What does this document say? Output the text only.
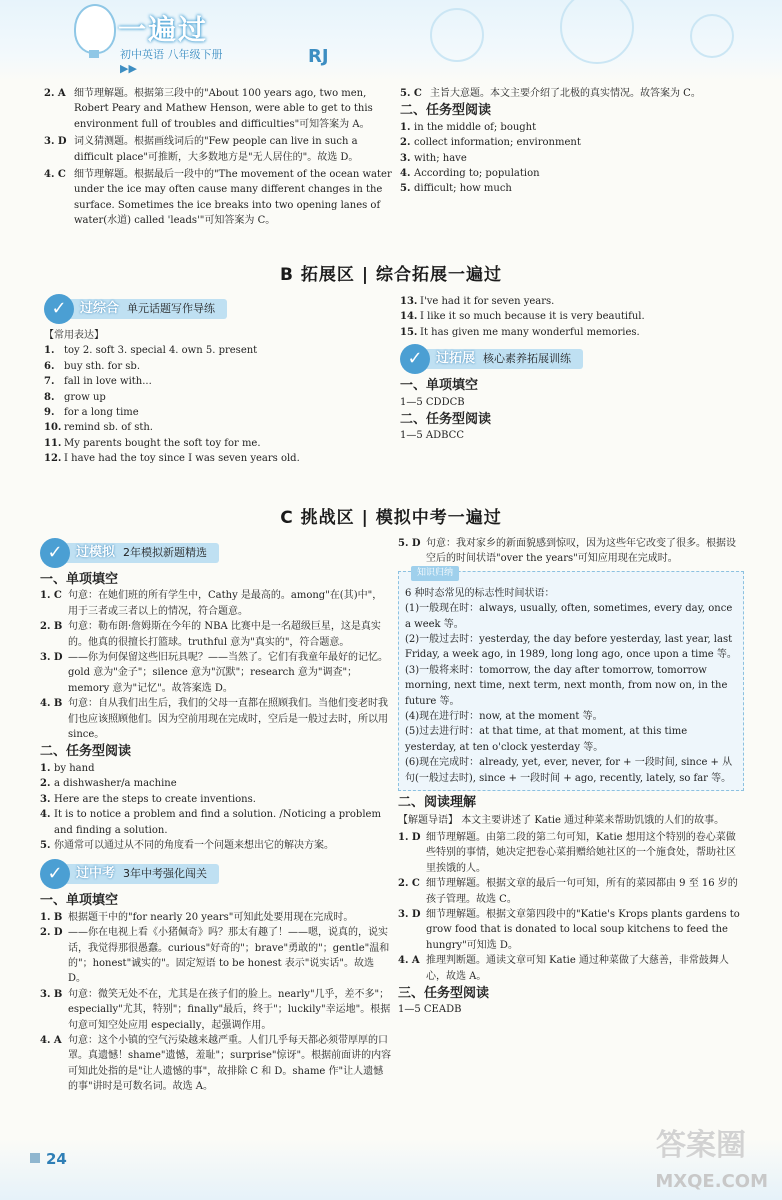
一遍过
初中英语 八年级下册 ▶▶
RJ
2. A 细节理解题。根据第三段中的"About 100 years ago, two men, Robert Peary and Mathew Henson, were able to get to this environment full of troubles and difficulties"可知答案为 A。
3. D 词义猜测题。根据画线词后的"Few people can live in such a difficult place"可推断，大多数地方是"无人居住的"。故选 D。
4. C 细节理解题。根据最后一段中的"The movement of the ocean water under the ice may often cause many different changes in the surface. Sometimes the ice breaks into two opening lanes of water(水道) called 'leads'"可知答案为 C。
5. C 主旨大意题。本文主要介绍了北极的真实情况。故答案为 C。
二、任务型阅读
1. in the middle of; bought
2. collect information; environment
3. with; have
4. According to; population
5. difficult; how much
B 拓展区 | 综合拓展一遍过
过综合 单元话题写作导练
✓
【常用表达】
1. toy 2. soft 3. special 4. own 5. present
6. buy sth. for sb.
7. fall in love with...
8. grow up
9. for a long time
10. remind sb. of sth.
11. My parents bought the soft toy for me.
12. I have had the toy since I was seven years old.
13. I've had it for seven years.
14. I like it so much because it is very beautiful.
15. It has given me many wonderful memories.
过拓展 核心素养拓展训练
✓
一、单项填空
1—5 CDDCB
二、任务型阅读
1—5 ADBCC
C 挑战区 | 模拟中考一遍过
过模拟 2年模拟新题精选
✓
一、单项填空
1. C 句意：在她们班的所有学生中，Cathy 是最高的。among"在(其)中"，用于三者或三者以上的情况，符合题意。
2. B 句意：勒布朗·詹姆斯在今年的 NBA 比赛中是一名超级巨星，这是真实的。他真的很擅长打篮球。truthful 意为"真实的"，符合题意。
3. D ——你为何保留这些旧玩具呢？——当然了。它们有我童年最好的记忆。gold 意为"金子"；silence 意为"沉默"；research 意为"调查"；memory 意为"记忆"。故答案选 D。
4. B 句意：自从我们出生后，我们的父母一直都在照顾我们。当他们变老时我们也应该照顾他们。因为空前用现在完成时，空后是一般过去时，所以用 since。
二、任务型阅读
1. by hand
2. a dishwasher/a machine
3. Here are the steps to create inventions.
4. It is to notice a problem and find a solution. /Noticing a problem and finding a solution.
5. 你通常可以通过从不同的角度看一个问题来想出它的解决方案。
过中考 3年中考强化闯关
✓
一、单项填空
1. B 根据题干中的"for nearly 20 years"可知此处要用现在完成时。
2. D ——你在电视上看《小猪佩奇》吗？那太有趣了！——嗯，说真的，说实话，我觉得那很愚蠢。curious"好奇的"；brave"勇敢的"；gentle"温和的"；honest"诚实的"。固定短语 to be honest 表示"说实话"。故选 D。
3. B 句意：微笑无处不在，尤其是在孩子们的脸上。nearly"几乎，差不多"；especially"尤其，特别"；finally"最后，终于"；luckily"幸运地"。根据句意可知空处应用 especially，起强调作用。
4. A 句意：这个小镇的空气污染越来越严重。人们几乎每天都必须带厚厚的口罩。真遗憾！shame"遗憾，羞耻"；surprise"惊讶"。根据前面讲的内容可知此处指的是"让人遗憾的事"，故排除 C 和 D。shame 作"让人遗憾的事"讲时是可数名词。故选 A。
5. D 句意：我对家乡的新面貌感到惊叹，因为这些年它改变了很多。根据设空后的时间状语"over the years"可知应用现在完成时。
知识归纳
6 种时态常见的标志性时间状语：
(1)一般现在时：always, usually, often, sometimes, every day, once a week 等。
(2)一般过去时：yesterday, the day before yesterday, last year, last Friday, a week ago, in 1989, long long ago, once upon a time 等。
(3)一般将来时：tomorrow, the day after tomorrow, tomorrow morning, next time, next term, next month, from now on, in the future 等。
(4)现在进行时：now, at the moment 等。
(5)过去进行时：at that time, at that moment, at this time yesterday, at ten o'clock yesterday 等。
(6)现在完成时：already, yet, ever, never, for + 一段时间, since + 从句(一般过去时), since + 一段时间 + ago, recently, lately, so far 等。
二、阅读理解
【解题导语】 本文主要讲述了 Katie 通过种菜来帮助饥饿的人们的故事。
1. D 细节理解题。由第二段的第二句可知，Katie 想用这个特别的卷心菜做些特别的事情，她决定把卷心菜捐赠给她社区的一个施食处，帮助社区里挨饿的人。
2. C 细节理解题。根据文章的最后一句可知，所有的菜园都由 9 至 16 岁的孩子管理。故选 C。
3. D 细节理解题。根据文章第四段中的"Katie's Krops plants gardens to grow food that is donated to local soup kitchens to feed the hungry"可知选 D。
4. A 推理判断题。通读文章可知 Katie 通过种菜做了大慈善，非常鼓舞人心，故选 A。
三、任务型阅读
1—5 CEADB
24	答案圈
MXQE.COM
